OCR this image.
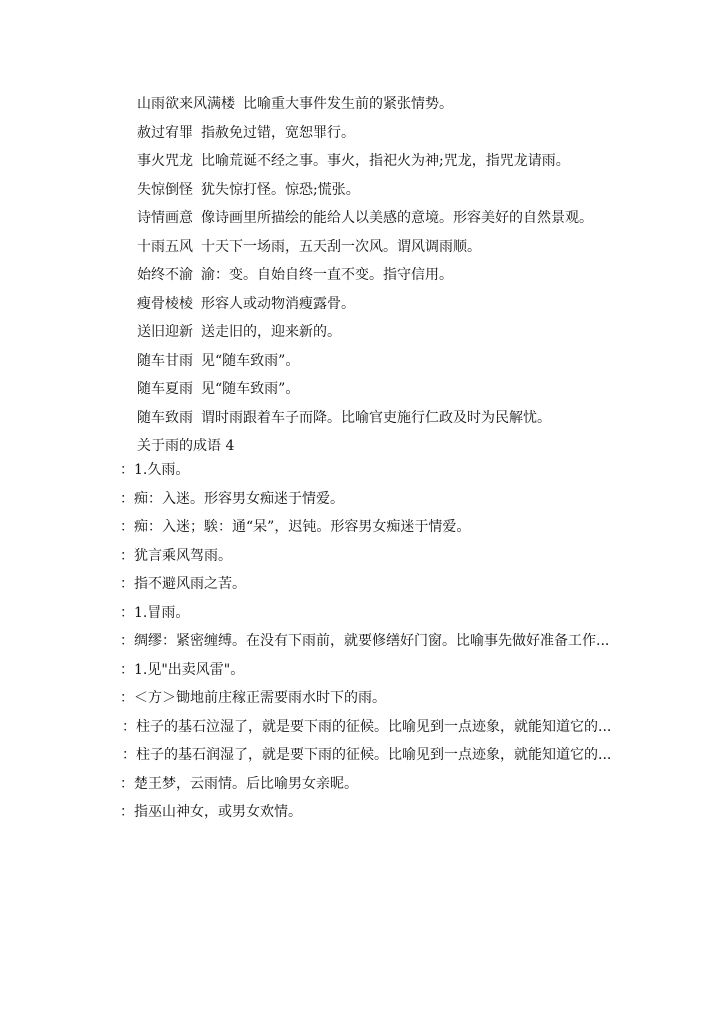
山雨欲来风满楼 比喻重大事件发生前的紧张情势。
赦过宥罪 指赦免过错，宽恕罪行。
事火咒龙 比喻荒诞不经之事。事火，指祀火为神;咒龙，指咒龙请雨。
失惊倒怪 犹失惊打怪。惊恐;慌张。
诗情画意 像诗画里所描绘的能给人以美感的意境。形容美好的自然景观。
十雨五风 十天下一场雨，五天刮一次风。谓风调雨顺。
始终不渝 渝：变。自始自终一直不变。指守信用。
瘦骨棱棱 形容人或动物消瘦露骨。
送旧迎新 送走旧的，迎来新的。
随车甘雨 见“随车致雨”。
随车夏雨 见“随车致雨”。
随车致雨 谓时雨跟着车子而降。比喻官吏施行仁政及时为民解忧。
关于雨的成语 4
：1.久雨。
：痴：入迷。形容男女痴迷于情爱。
：痴：入迷；騃：通“呆”，迟钝。形容男女痴迷于情爱。
：犹言乘风驾雨。
：指不避风雨之苦。
：1.冒雨。
：绸缪：紧密缠缚。在没有下雨前，就要修缮好门窗。比喻事先做好准备工作...
：1.见"出卖风雷"。
：＜方＞锄地前庄稼正需要雨水时下的雨。
：柱子的基石泣湿了，就是要下雨的征候。比喻见到一点迹象，就能知道它的...
：柱子的基石润湿了，就是要下雨的征候。比喻见到一点迹象，就能知道它的...
：楚王梦，云雨情。后比喻男女亲昵。
：指巫山神女，或男女欢情。
